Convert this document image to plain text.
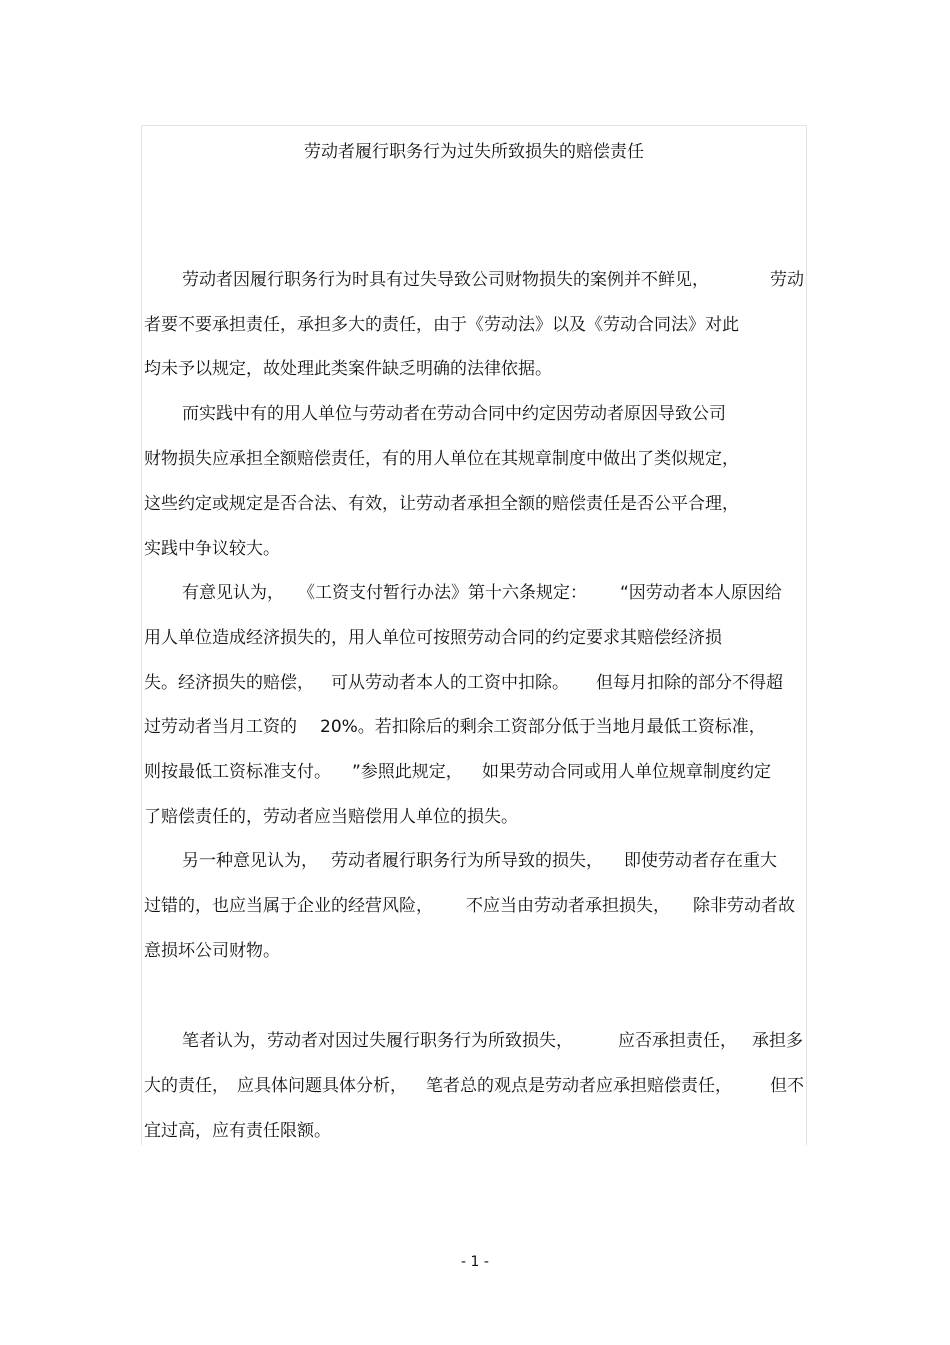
劳动者履行职务行为过失所致损失的赔偿责任
劳动者因履行职务行为时具有过失导致公司财物损失的案例并不鲜见，	劳动
者要不要承担责任，承担多大的责任，由于《劳动法》以及《劳动合同法》对此
均未予以规定，故处理此类案件缺乏明确的法律依据。
而实践中有的用人单位与劳动者在劳动合同中约定因劳动者原因导致公司
财物损失应承担全额赔偿责任，有的用人单位在其规章制度中做出了类似规定，
这些约定或规定是否合法、有效，让劳动者承担全额的赔偿责任是否公平合理，
实践中争议较大。
有意见认为， 《工资支付暂行办法》第十六条规定： “因劳动者本人原因给
用人单位造成经济损失的，用人单位可按照劳动合同的约定要求其赔偿经济损
失。经济损失的赔偿， 可从劳动者本人的工资中扣除。 但每月扣除的部分不得超
过劳动者当月工资的 20%。若扣除后的剩余工资部分低于当地月最低工资标准，
则按最低工资标准支付。 ”参照此规定， 如果劳动合同或用人单位规章制度约定
了赔偿责任的，劳动者应当赔偿用人单位的损失。
另一种意见认为， 劳动者履行职务行为所导致的损失， 即使劳动者存在重大
过错的，也应当属于企业的经营风险， 不应当由劳动者承担损失， 除非劳动者故
意损坏公司财物。
笔者认为，劳动者对因过失履行职务行为所致损失，	应否承担责任， 承担多
大的责任， 应具体问题具体分析， 笔者总的观点是劳动者应承担赔偿责任， 但不
宜过高，应有责任限额。
- 1 -
